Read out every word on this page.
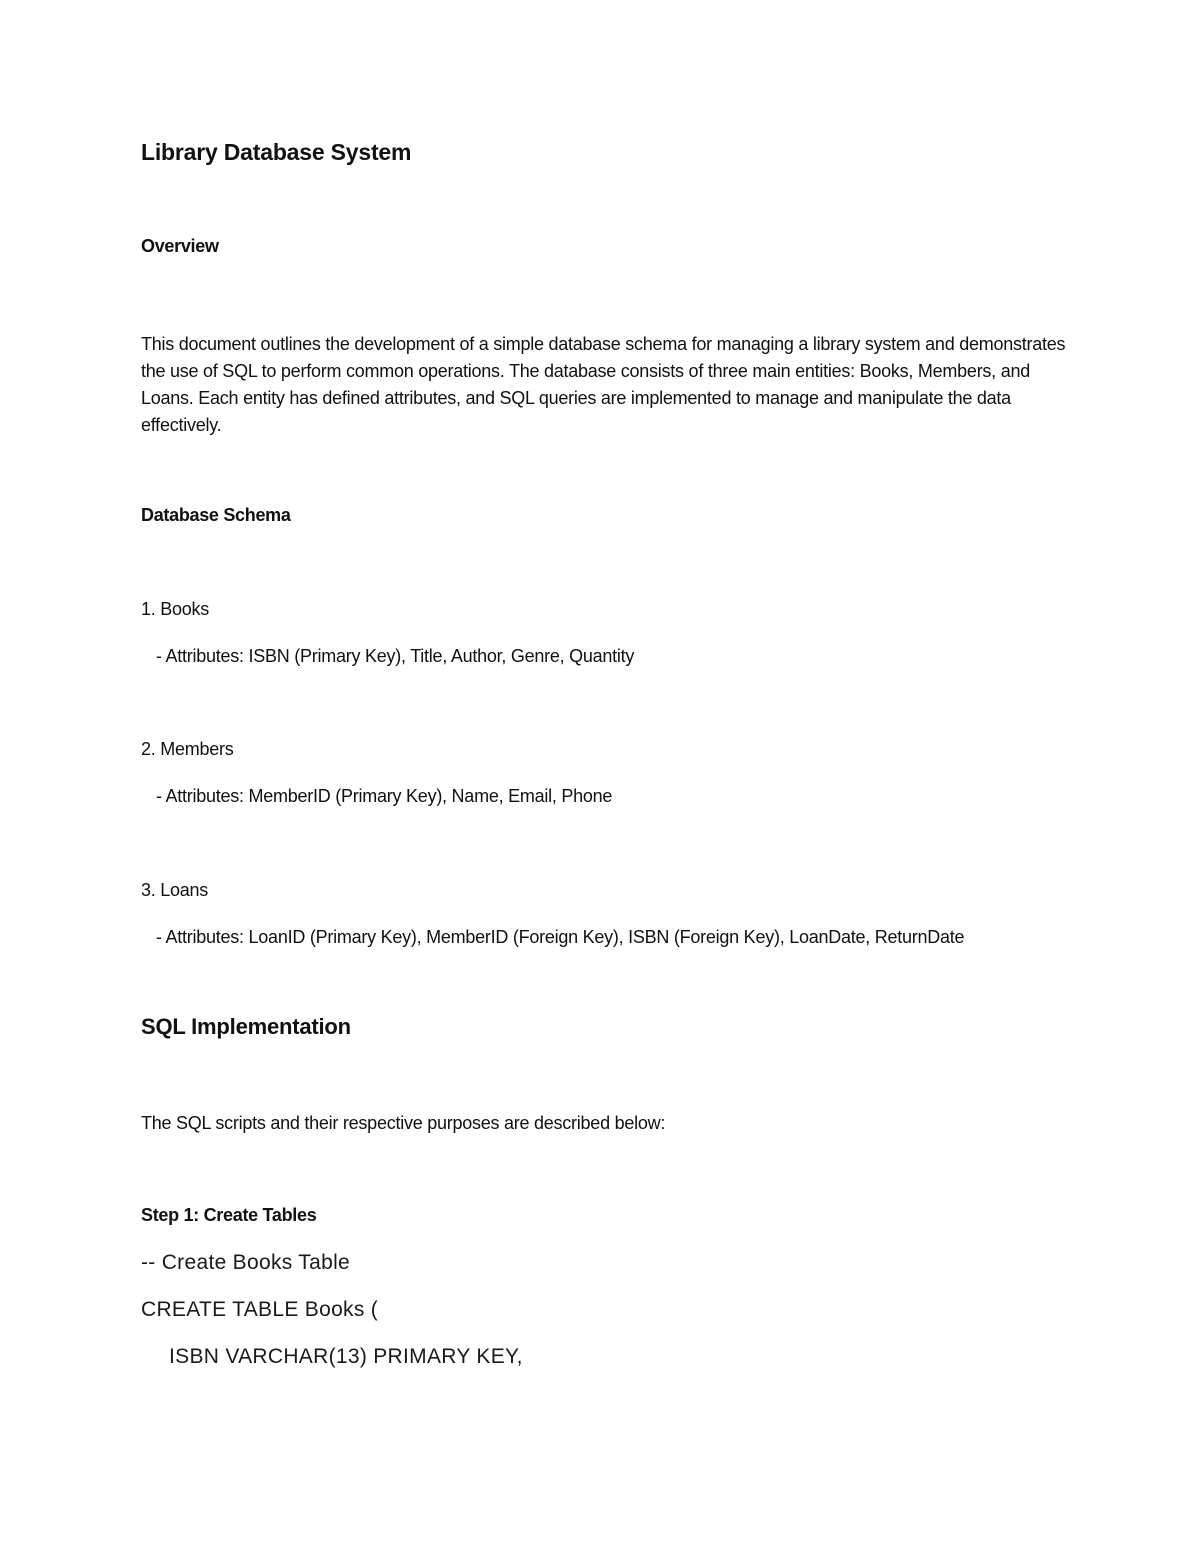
Library Database System
Overview

This document outlines the development of a simple database schema for managing a library system and demonstrates the use of SQL to perform common operations. The database consists of three main entities: Books, Members, and Loans. Each entity has defined attributes, and SQL queries are implemented to manage and manipulate the data effectively.

Database Schema
1. Books
- Attributes: ISBN (Primary Key), Title, Author, Genre, Quantity
2. Members
- Attributes: MemberID (Primary Key), Name, Email, Phone
3. Loans
- Attributes: LoanID (Primary Key), MemberID (Foreign Key), ISBN (Foreign Key), LoanDate, ReturnDate
SQL Implementation
The SQL scripts and their respective purposes are described below:
Step 1: Create Tables
-- Create Books Table
CREATE TABLE Books (
ISBN VARCHAR(13) PRIMARY KEY,
